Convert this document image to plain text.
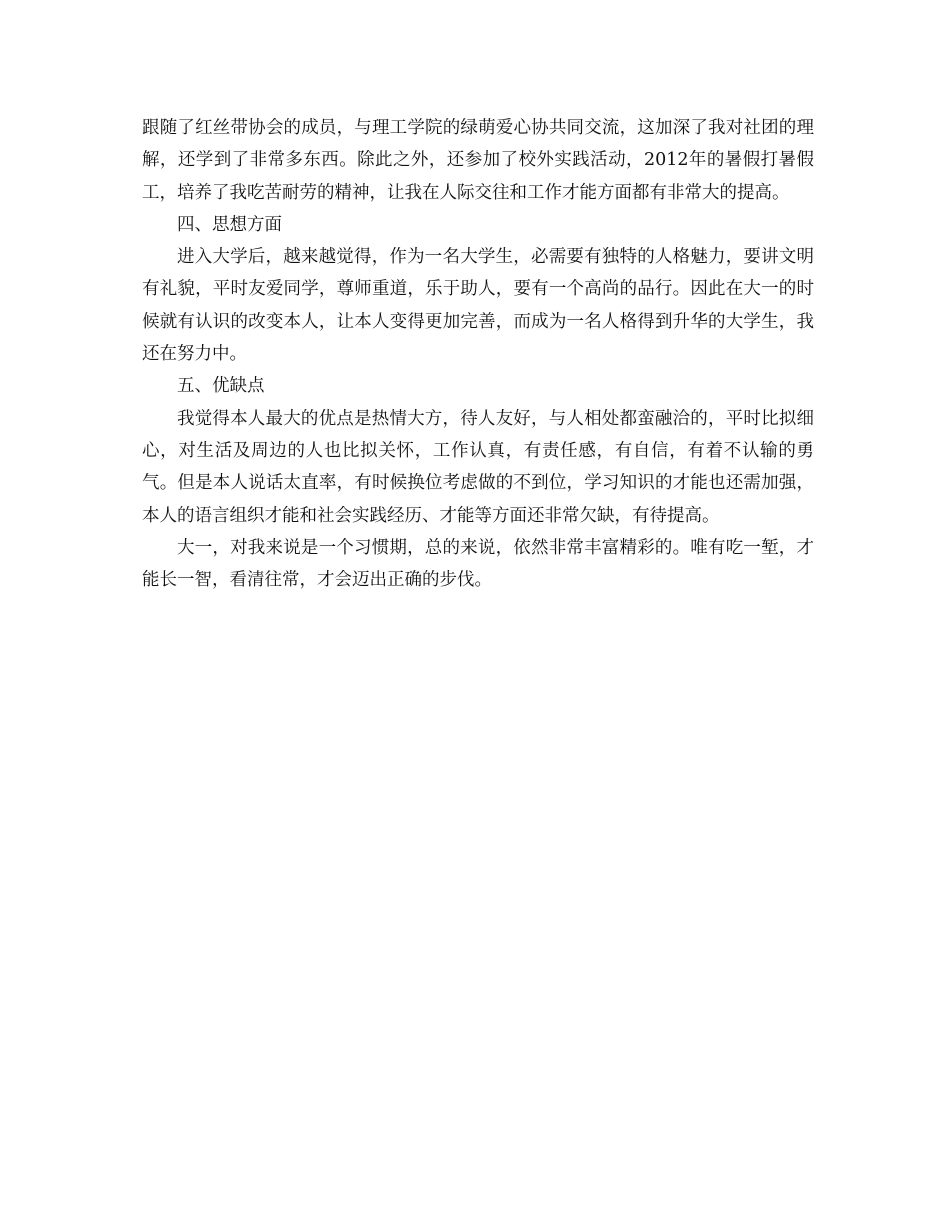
跟随了红丝带协会的成员，与理工学院的绿萌爱心协共同交流，这加深了我对社团的理解，还学到了非常多东西。除此之外，还参加了校外实践活动，2012年的暑假打暑假工，培养了我吃苦耐劳的精神，让我在人际交往和工作才能方面都有非常大的提高。

四、思想方面

进入大学后，越来越觉得，作为一名大学生，必需要有独特的人格魅力，要讲文明有礼貌，平时友爱同学，尊师重道，乐于助人，要有一个高尚的品行。因此在大一的时候就有认识的改变本人，让本人变得更加完善，而成为一名人格得到升华的大学生，我还在努力中。

五、优缺点

我觉得本人最大的优点是热情大方，待人友好，与人相处都蛮融洽的，平时比拟细心，对生活及周边的人也比拟关怀，工作认真，有责任感，有自信，有着不认输的勇气。但是本人说话太直率，有时候换位考虑做的不到位，学习知识的才能也还需加强，本人的语言组织才能和社会实践经历、才能等方面还非常欠缺，有待提高。

大一，对我来说是一个习惯期，总的来说，依然非常丰富精彩的。唯有吃一堑，才能长一智，看清往常，才会迈出正确的步伐。
